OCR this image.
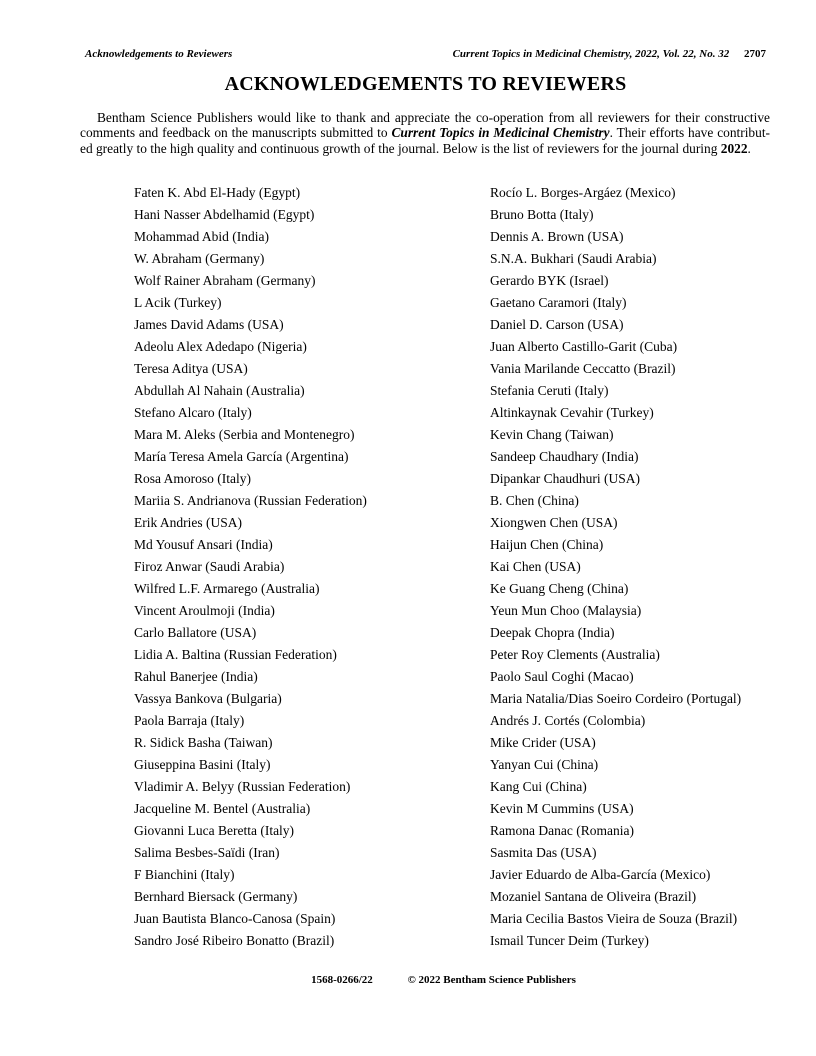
Acknowledgements to Reviewers	Current Topics in Medicinal Chemistry, 2022, Vol. 22, No. 32 2707
ACKNOWLEDGEMENTS TO REVIEWERS
Bentham Science Publishers would like to thank and appreciate the co-operation from all reviewers for their constructive
comments and feedback on the manuscripts submitted to Current Topics in Medicinal Chemistry. Their efforts have contribut-
ed greatly to the high quality and continuous growth of the journal. Below is the list of reviewers for the journal during 2022.
Faten K. Abd El-Hady (Egypt)
Hani Nasser Abdelhamid (Egypt)
Mohammad Abid (India)
W. Abraham (Germany)
Wolf Rainer Abraham (Germany)
L Acik (Turkey)
James David Adams (USA)
Adeolu Alex Adedapo (Nigeria)
Teresa Aditya (USA)
Abdullah Al Nahain (Australia)
Stefano Alcaro (Italy)
Mara M. Aleks (Serbia and Montenegro)
María Teresa Amela García (Argentina)
Rosa Amoroso (Italy)
Mariia S. Andrianova (Russian Federation)
Erik Andries (USA)
Md Yousuf Ansari (India)
Firoz Anwar (Saudi Arabia)
Wilfred L.F. Armarego (Australia)
Vincent Aroulmoji (India)
Carlo Ballatore (USA)
Lidia A. Baltina (Russian Federation)
Rahul Banerjee (India)
Vassya Bankova (Bulgaria)
Paola Barraja (Italy)
R. Sidick Basha (Taiwan)
Giuseppina Basini (Italy)
Vladimir A. Belyy (Russian Federation)
Jacqueline M. Bentel (Australia)
Giovanni Luca Beretta (Italy)
Salima Besbes-Saïdi (Iran)
F Bianchini (Italy)
Bernhard Biersack (Germany)
Juan Bautista Blanco-Canosa (Spain)
Sandro José Ribeiro Bonatto (Brazil)
Rocío L. Borges-Argáez (Mexico)
Bruno Botta (Italy)
Dennis A. Brown (USA)
S.N.A. Bukhari (Saudi Arabia)
Gerardo BYK (Israel)
Gaetano Caramori (Italy)
Daniel D. Carson (USA)
Juan Alberto Castillo-Garit (Cuba)
Vania Marilande Ceccatto (Brazil)
Stefania Ceruti (Italy)
Altinkaynak Cevahir (Turkey)
Kevin Chang (Taiwan)
Sandeep Chaudhary (India)
Dipankar Chaudhuri (USA)
B. Chen (China)
Xiongwen Chen (USA)
Haijun Chen (China)
Kai Chen (USA)
Ke Guang Cheng (China)
Yeun Mun Choo (Malaysia)
Deepak Chopra (India)
Peter Roy Clements (Australia)
Paolo Saul Coghi (Macao)
Maria Natalia/Dias Soeiro Cordeiro (Portugal)
Andrés J. Cortés (Colombia)
Mike Crider (USA)
Yanyan Cui (China)
Kang Cui (China)
Kevin M Cummins (USA)
Ramona Danac (Romania)
Sasmita Das (USA)
Javier Eduardo de Alba-García (Mexico)
Mozaniel Santana de Oliveira (Brazil)
Maria Cecilia Bastos Vieira de Souza (Brazil)
Ismail Tuncer Deim (Turkey)
1568-0266/22	© 2022 Bentham Science Publishers
